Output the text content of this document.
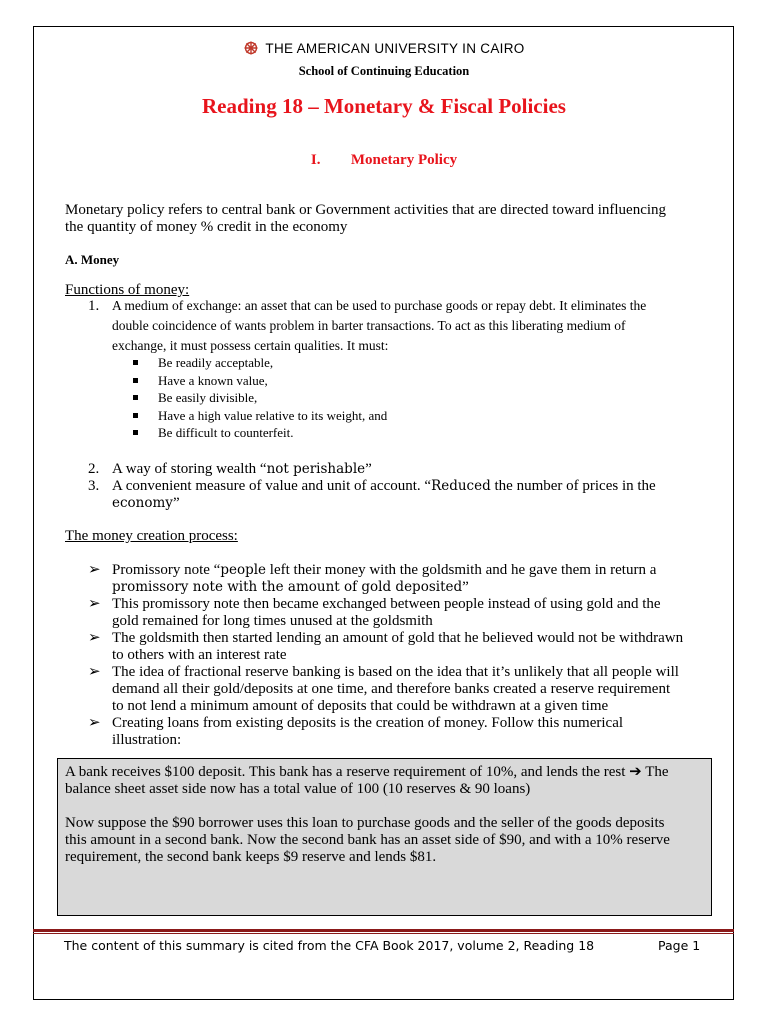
THE AMERICAN UNIVERSITY IN CAIRO
School of Continuing Education
Reading 18 – Monetary & Fiscal Policies
I. Monetary Policy
Monetary policy refers to central bank or Government activities that are directed toward influencing
the quantity of money % credit in the economy
A. Money
Functions of money:
1. A medium of exchange: an asset that can be used to purchase goods or repay debt. It eliminates the
double coincidence of wants problem in barter transactions. To act as this liberating medium of
exchange, it must possess certain qualities. It must:
Be readily acceptable,
Have a known value,
Be easily divisible,
Have a high value relative to its weight, and
Be difficult to counterfeit.
2. A way of storing wealth “not perishable”
3. A convenient measure of value and unit of account. “Reduced the number of prices in the
economy”
The money creation process:
➢ Promissory note “people left their money with the goldsmith and he gave them in return a
promissory note with the amount of gold deposited”
➢ This promissory note then became exchanged between people instead of using gold and the
gold remained for long times unused at the goldsmith
➢ The goldsmith then started lending an amount of gold that he believed would not be withdrawn
to others with an interest rate
➢ The idea of fractional reserve banking is based on the idea that it’s unlikely that all people will
demand all their gold/deposits at one time, and therefore banks created a reserve requirement
to not lend a minimum amount of deposits that could be withdrawn at a given time
➢ Creating loans from existing deposits is the creation of money. Follow this numerical
illustration:
A bank receives $100 deposit. This bank has a reserve requirement of 10%, and lends the rest ➔ The
balance sheet asset side now has a total value of 100 (10 reserves & 90 loans)
Now suppose the $90 borrower uses this loan to purchase goods and the seller of the goods deposits
this amount in a second bank. Now the second bank has an asset side of $90, and with a 10% reserve
requirement, the second bank keeps $9 reserve and lends $81.
The content of this summary is cited from the CFA Book 2017, volume 2, Reading 18	Page 1
